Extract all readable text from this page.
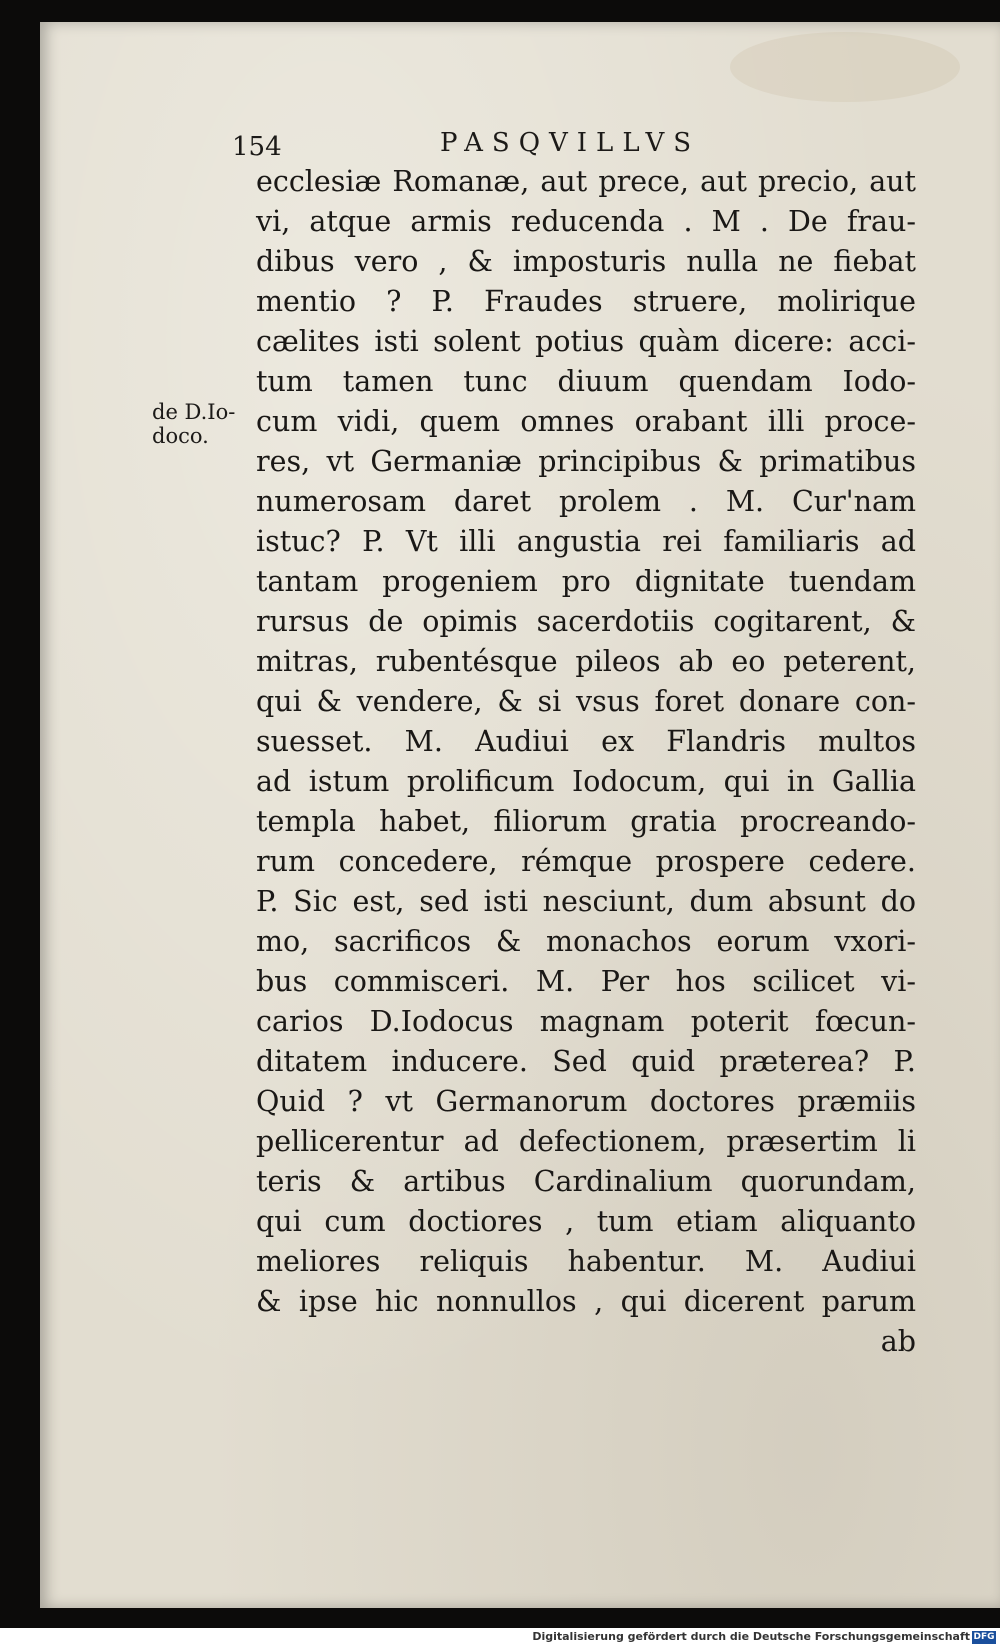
154	PASQVILLVS
de D.Io-
doco.
ecclesiæ Romanæ, aut prece, aut precio, aut
vi, atque armis reducenda . M . De frau-
dibus vero , & imposturis nulla ne fiebat
mentio ? P. Fraudes struere, molirique
cælites isti solent potius quàm dicere: acci-
tum tamen tunc diuum quendam Iodo-
cum vidi, quem omnes orabant illi proce-
res, vt Germaniæ principibus & primatibus
numerosam daret prolem . M. Cur'nam
istuc? P. Vt illi angustia rei familiaris ad
tantam progeniem pro dignitate tuendam
rursus de opimis sacerdotiis cogitarent, &
mitras, rubentésque pileos ab eo peterent,
qui & vendere, & si vsus foret donare con-
suesset. M. Audiui ex Flandris multos
ad istum prolificum Iodocum, qui in Gallia
templa habet, filiorum gratia procreando-
rum concedere, rémque prospere cedere.
P. Sic est, sed isti nesciunt, dum absunt do
mo, sacrificos & monachos eorum vxori-
bus commisceri. M. Per hos scilicet vi-
carios D.Iodocus magnam poterit fœcun-
ditatem inducere. Sed quid præterea? P.
Quid ? vt Germanorum doctores præmiis
pellicerentur ad defectionem, præsertim li
teris & artibus Cardinalium quorundam,
qui cum doctiores , tum etiam aliquanto
meliores reliquis habentur. M. Audiui
& ipse hic nonnullos , qui dicerent parum
ab
Digitalisierung gefördert durch die Deutsche Forschungsgemeinschaft DFG
